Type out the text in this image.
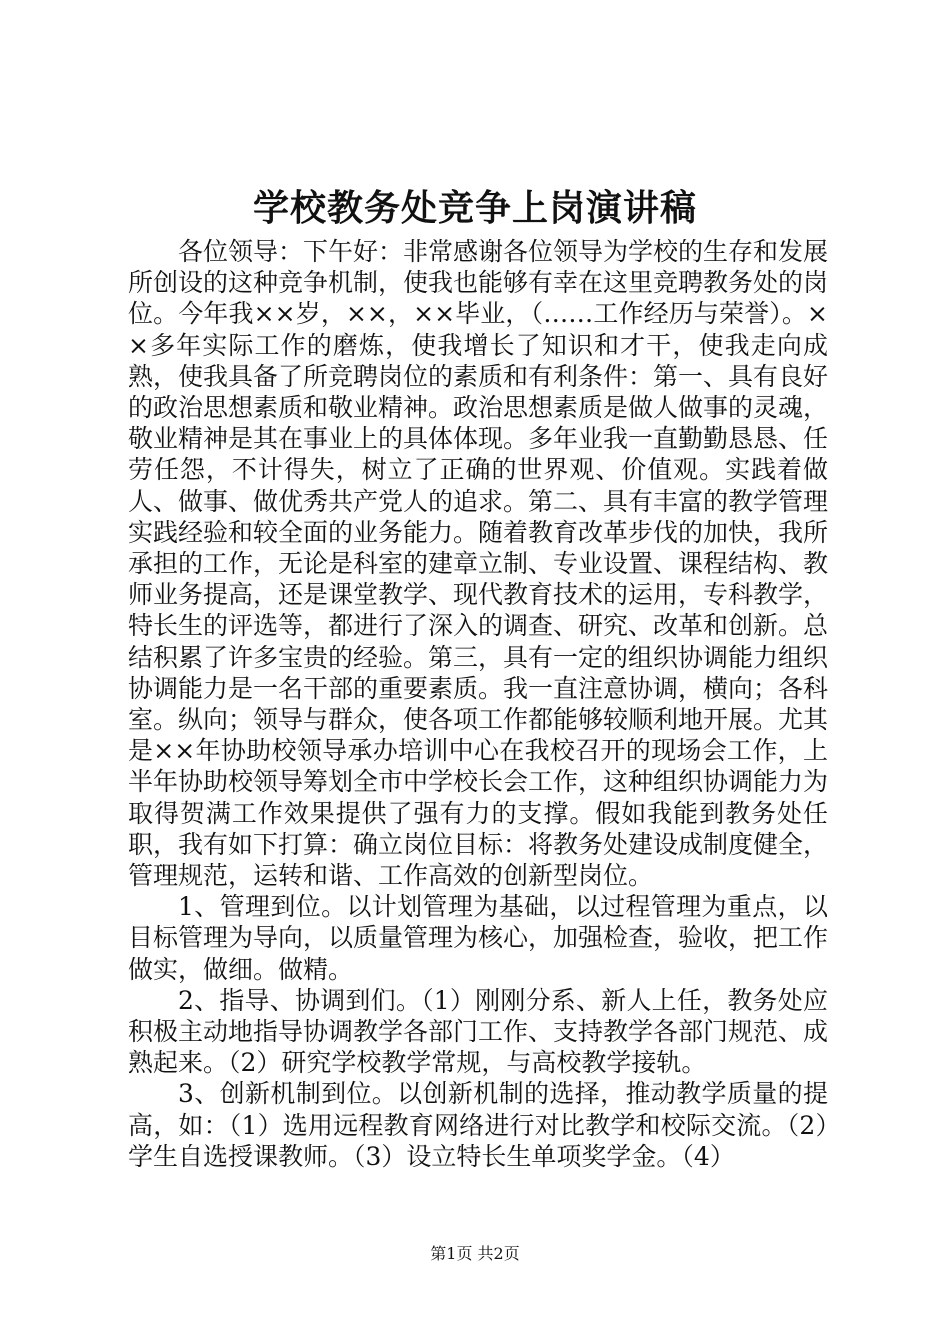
学校教务处竞争上岗演讲稿

各位领导：下午好：非常感谢各位领导为学校的生存和发展所创设的这种竞争机制，使我也能够有幸在这里竞聘教务处的岗位。今年我××岁，××，××毕业，（……工作经历与荣誉）。××多年实际工作的磨炼，使我增长了知识和才干，使我走向成熟，使我具备了所竞聘岗位的素质和有利条件：第一、具有良好的政治思想素质和敬业精神。政治思想素质是做人做事的灵魂，敬业精神是其在事业上的具体体现。多年业我一直勤勤恳恳、任劳任怨，不计得失，树立了正确的世界观、价值观。实践着做人、做事、做优秀共产党人的追求。第二、具有丰富的教学管理实践经验和较全面的业务能力。随着教育改革步伐的加快，我所承担的工作，无论是科室的建章立制、专业设置、课程结构、教师业务提高，还是课堂教学、现代教育技术的运用，专科教学，特长生的评选等，都进行了深入的调查、研究、改革和创新。总结积累了许多宝贵的经验。第三，具有一定的组织协调能力组织协调能力是一名干部的重要素质。我一直注意协调，横向；各科室。纵向；领导与群众，使各项工作都能够较顺利地开展。尤其是××年协助校领导承办培训中心在我校召开的现场会工作，上半年协助校领导筹划全市中学校长会工作，这种组织协调能力为取得贺满工作效果提供了强有力的支撑。假如我能到教务处任职，我有如下打算：确立岗位目标：将教务处建设成制度健全，管理规范，运转和谐、工作高效的创新型岗位。

1、管理到位。以计划管理为基础，以过程管理为重点，以目标管理为导向，以质量管理为核心，加强检查，验收，把工作做实，做细。做精。

2、指导、协调到们。（1）刚刚分系、新人上任，教务处应积极主动地指导协调教学各部门工作、支持教学各部门规范、成熟起来。（2）研究学校教学常规，与高校教学接轨。

3、创新机制到位。以创新机制的选择，推动教学质量的提高，如：（1）选用远程教育网络进行对比教学和校际交流。（2）学生自选授课教师。（3）设立特长生单项奖学金。（4）

第1页 共2页
